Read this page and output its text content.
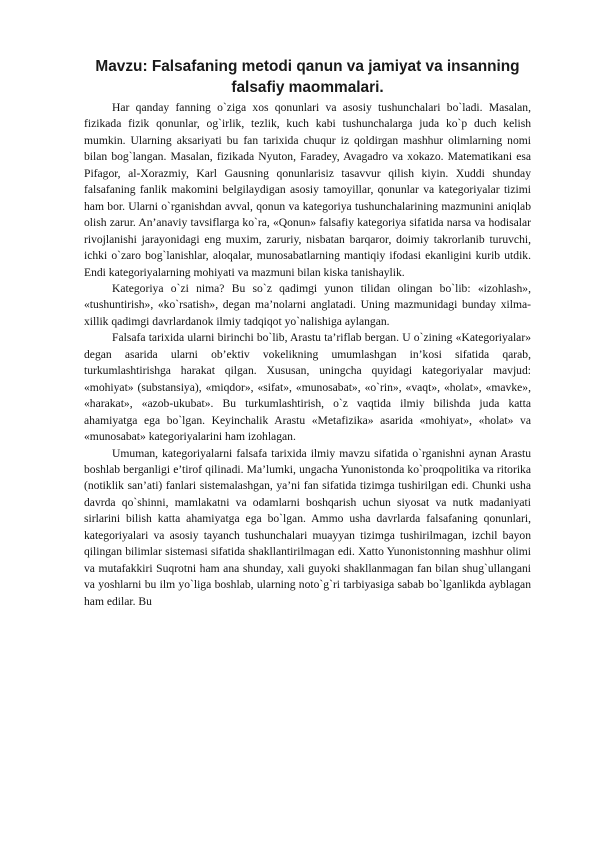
Mavzu: Falsafaning metodi qanun va jamiyat va insanning falsafiy maommalari.

Har qanday fanning o`ziga xos qonunlari va asosiy tushunchalari bo`ladi. Masalan, fizikada fizik qonunlar, og`irlik, tezlik, kuch kabi tushunchalarga juda ko`p duch kelish mumkin. Ularning aksariyati bu fan tarixida chuqur iz qoldirgan mashhur olimlarning nomi bilan bog`langan. Masalan, fizikada Nyuton, Faradey, Avagadro va xokazo. Matematikani esa Pifagor, al-Xorazmiy, Karl Gausning qonunlarisiz tasavvur qilish kiyin. Xuddi shunday falsafaning fanlik makomini belgilaydigan asosiy tamoyillar, qonunlar va kategoriyalar tizimi ham bor. Ularni o`rganishdan avval, qonun va kategoriya tushunchalarining mazmunini aniqlab olish zarur. An’anaviy tavsiflarga ko`ra, «Qonun» falsafiy kategoriya sifatida narsa va hodisalar rivojlanishi jarayonidagi eng muxim, zaruriy, nisbatan barqaror, doimiy takrorlanib turuvchi, ichki o`zaro bog`lanishlar, aloqalar, munosabatlarning mantiqiy ifodasi ekanligini kurib utdik. Endi kategoriyalarning mohiyati va mazmuni bilan kiska tanishaylik.

Kategoriya o`zi nima? Bu so`z qadimgi yunon tilidan olingan bo`lib: «izohlash», «tushuntirish», «ko`rsatish», degan ma’nolarni anglatadi. Uning mazmunidagi bunday xilma-xillik qadimgi davrlardanok ilmiy tadqiqot yo`nalishiga aylangan.

Falsafa tarixida ularni birinchi bo`lib, Arastu ta’riflab bergan. U o`zining «Kategoriyalar» degan asarida ularni ob’ektiv vokelikning umumlashgan in’kosi sifatida qarab, turkumlashtirishga harakat qilgan. Xususan, uningcha quyidagi kategoriyalar mavjud: «mohiyat» (substansiya), «miqdor», «sifat», «munosabat», «o`rin», «vaqt», «holat», «mavke», «harakat», «azob-ukubat». Bu turkumlashtirish, o`z vaqtida ilmiy bilishda juda katta ahamiyatga ega bo`lgan. Keyinchalik Arastu «Metafizika» asarida «mohiyat», «holat» va «munosabat» kategoriyalarini ham izohlagan.

Umuman, kategoriyalarni falsafa tarixida ilmiy mavzu sifatida o`rganishni aynan Arastu boshlab berganligi e’tirof qilinadi. Ma’lumki, ungacha Yunonistonda ko`proqpolitika va ritorika (notiklik san’ati) fanlari sistemalashgan, ya’ni fan sifatida tizimga tushirilgan edi. Chunki usha davrda qo`shinni, mamlakatni va odamlarni boshqarish uchun siyosat va nutk madaniyati sirlarini bilish katta ahamiyatga ega bo`lgan. Ammo usha davrlarda falsafaning qonunlari, kategoriyalari va asosiy tayanch tushunchalari muayyan tizimga tushirilmagan, izchil bayon qilingan bilimlar sistemasi sifatida shakllantirilmagan edi. Xatto Yunonistonning mashhur olimi va mutafakkiri Suqrotni ham ana shunday, xali guyoki shakllanmagan fan bilan shug`ullangani va yoshlarni bu ilm yo`liga boshlab, ularning noto`g`ri tarbiyasiga sabab bo`lganlikda ayblagan ham edilar. Bu
